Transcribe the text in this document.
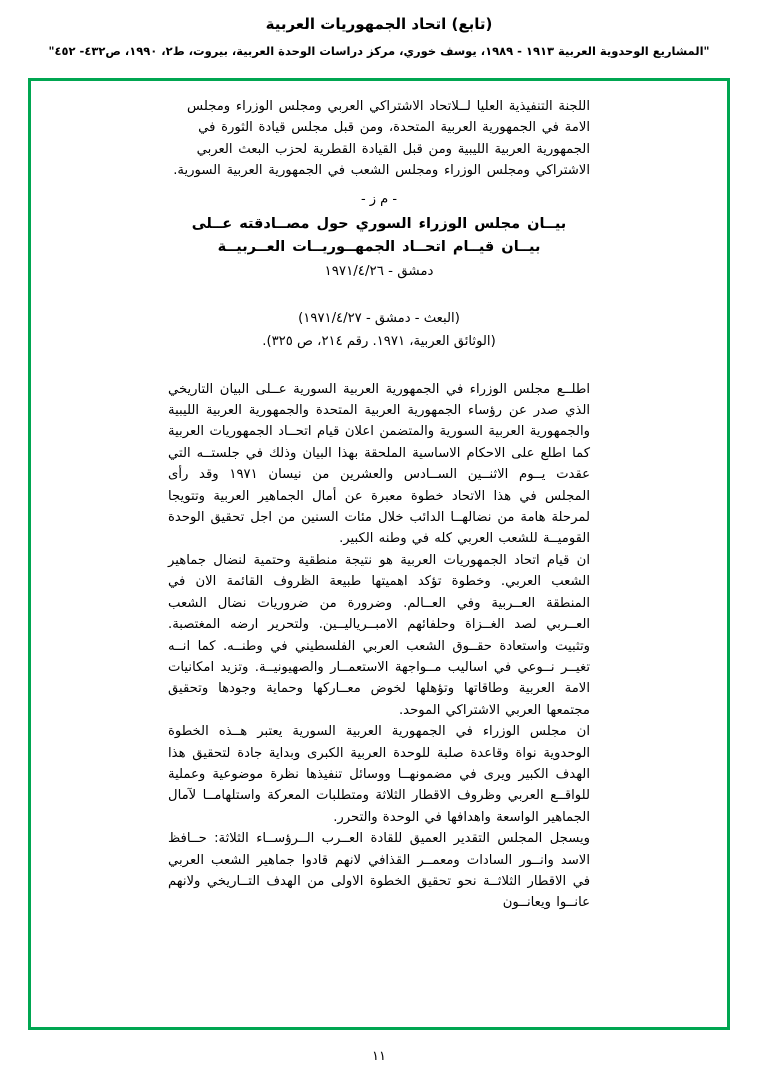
(تابع) اتحاد الجمهوريات العربية
"المشاريع الوحدوية العربية ١٩١٣ - ١٩٨٩، يوسف خوري، مركز دراسات الوحدة العربية، بيروت، ط٢، ١٩٩٠، ص٤٣٢- ٤٥٢"

اللجنة التنفيذية العليا لــلاتحاد الاشتراكي العربي ومجلس الوزراء ومجلس الامة في الجمهورية العربية المتحدة، ومن قبل مجلس قيادة الثورة في الجمهورية العربية الليبية ومن قبل القيادة القطرية لحزب البعث العربي الاشتراكي ومجلس الوزراء ومجلس الشعب في الجمهورية العربية السورية.

- م ز -
بيــان مجلس الوزراء السوري حول مصــادقته عــلى
بيــان قيــام اتحــاد الجمهــوريــات العــربيــة
دمشق - ١٩٧١/٤/٢٦
(البعث - دمشق - ١٩٧١/٤/٢٧)
(الوثائق العربية، ١٩٧١. رقم ٢١٤، ص ٣٢٥).

اطلــع مجلس الوزراء في الجمهورية العربية السورية عــلى البيان التاريخي الذي صدر عن رؤساء الجمهورية العربية المتحدة والجمهورية العربية الليبية والجمهورية العربية السورية والمتضمن اعلان قيام اتحــاد الجمهوريات العربية كما اطلع على الاحكام الاساسية الملحقة بهذا البيان وذلك في جلستــه التي عقدت يــوم الاثنــين الســادس والعشرين من نيسان ١٩٧١ وقد رأى المجلس في هذا الاتحاد خطوة معبرة عن أمال الجماهير العربية وتتويجا لمرحلة هامة من نضالهــا الدائب خلال مئات السنين من اجل تحقيق الوحدة القوميــة للشعب العربي كله في وطنه الكبير.

ان قيام اتحاد الجمهوريات العربية هو نتيجة منطقية وحتمية لنضال جماهير الشعب العربي. وخطوة تؤكد اهميتها طبيعة الظروف القائمة الان في المنطقة العــربية وفي العــالم. وضرورة من ضروريات نضال الشعب العــربي لصد الغــزاة وحلفائهم الامبــرياليــين. ولتحرير ارضه المغتصبة. وتثبيت واستعادة حقــوق الشعب العربي الفلسطيني في وطنــه. كما انــه تغيــر نــوعي في اساليب مــواجهة الاستعمــار والصهيونيــة. وتزيد امكانيات الامة العربية وطاقاتها وتؤهلها لخوض معــاركها وحماية وجودها وتحقيق مجتمعها العربي الاشتراكي الموحد.

ان مجلس الوزراء في الجمهورية العربية السورية يعتبر هــذه الخطوة الوحدوية نواة وقاعدة صلبة للوحدة العربية الكبرى وبداية جادة لتحقيق هذا الهدف الكبير ويرى في مضمونهــا ووسائل تنفيذها نظرة موضوعية وعملية للواقــع العربي وظروف الاقطار الثلاثة ومتطلبات المعركة واستلهامــا لآمال الجماهير الواسعة واهدافها في الوحدة والتحرر.

ويسجل المجلس التقدير العميق للقادة العــرب الــرؤســاء الثلاثة: حــافظ الاسد وانــور السادات ومعمــر القذافي لانهم قادوا جماهير الشعب العربي في الاقطار الثلاثــة نحو تحقيق الخطوة الاولى من الهدف التــاريخي ولانهم عانــوا ويعانــون

١١
